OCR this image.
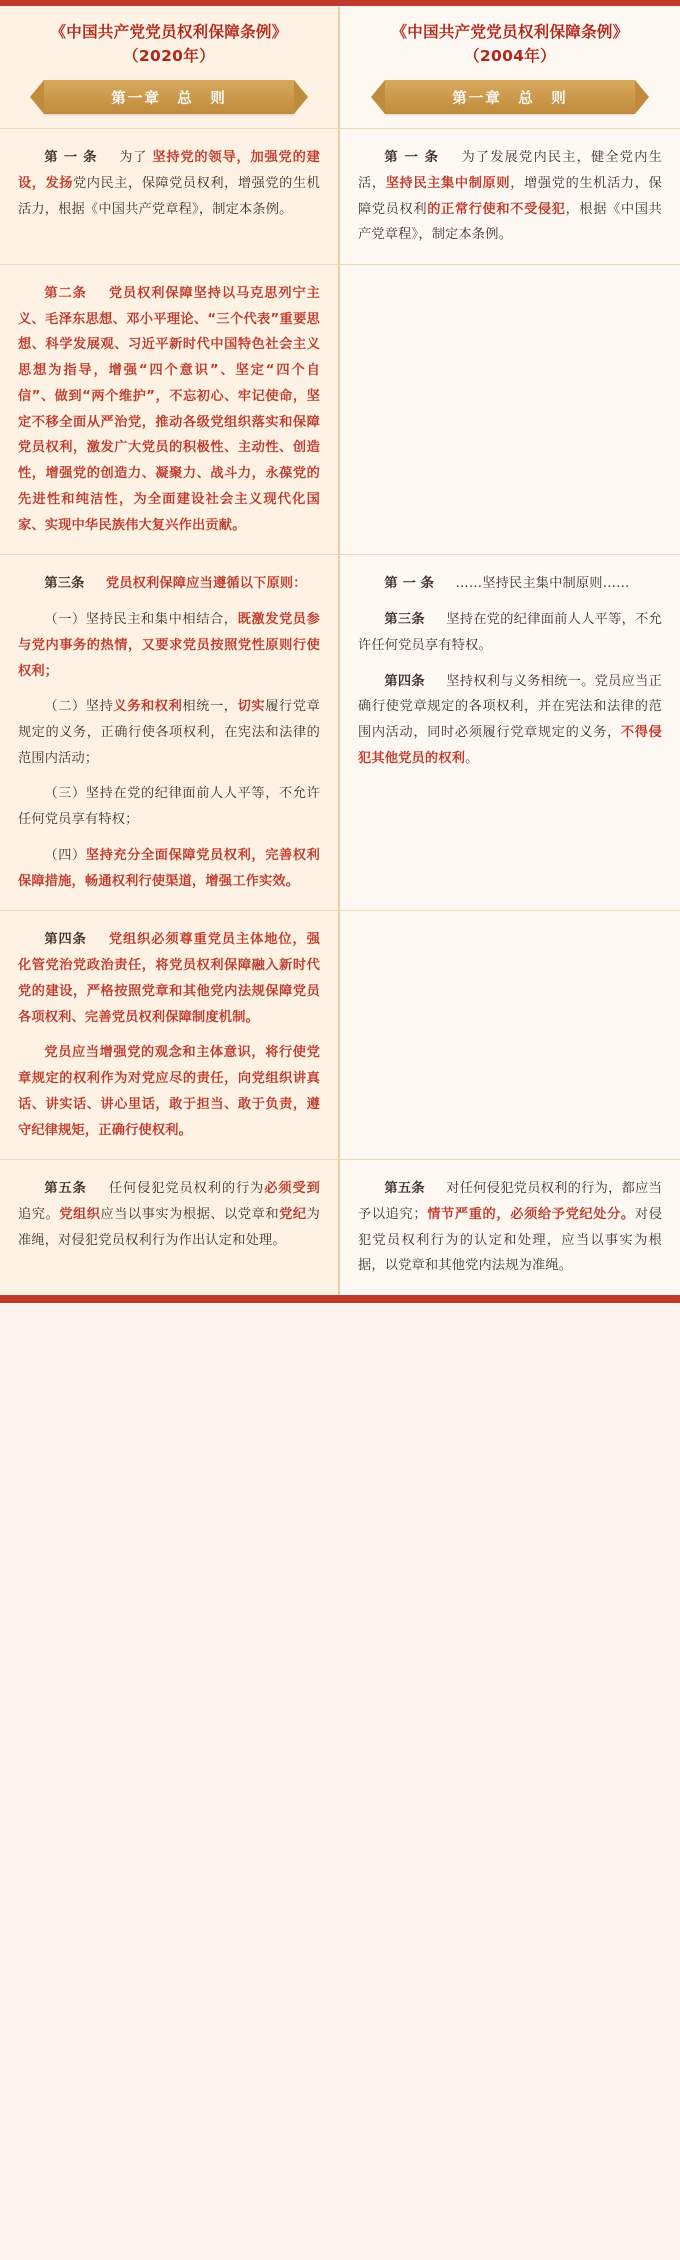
《中国共产党党员权利保障条例》
（2020年）
第一章　总　则
《中国共产党党员权利保障条例》
（2004年）
第一章　总　则

第 一 条　为了 坚持党的领导，加强党的建设，发扬党内民主，保障党员权利，增强党的生机活力，根据《中国共产党章程》，制定本条例。

第 一 条　为了发展党内民主，健全党内生活，坚持民主集中制原则，增强党的生机活力，保障党员权利的正常行使和不受侵犯，根据《中国共产党章程》，制定本条例。

第二条　党员权利保障坚持以马克思列宁主义、毛泽东思想、邓小平理论、“三个代表”重要思想、科学发展观、习近平新时代中国特色社会主义思想为指导，增强“四个意识”、坚定“四个自信”、做到“两个维护”，不忘初心、牢记使命，坚定不移全面从严治党，推动各级党组织落实和保障党员权利，激发广大党员的积极性、主动性、创造性，增强党的创造力、凝聚力、战斗力，永葆党的先进性和纯洁性，为全面建设社会主义现代化国家、实现中华民族伟大复兴作出贡献。

第三条　党员权利保障应当遵循以下原则：

（一）坚持民主和集中相结合，既激发党员参与党内事务的热情，又要求党员按照党性原则行使权利；

（二）坚持义务和权利相统一，切实履行党章规定的义务，正确行使各项权利，在宪法和法律的范围内活动；

（三）坚持在党的纪律面前人人平等，不允许任何党员享有特权；

（四）坚持充分全面保障党员权利，完善权利保障措施，畅通权利行使渠道，增强工作实效。

第 一 条　……坚持民主集中制原则……

第三条　坚持在党的纪律面前人人平等，不允许任何党员享有特权。

第四条　坚持权利与义务相统一。党员应当正确行使党章规定的各项权利，并在宪法和法律的范围内活动，同时必须履行党章规定的义务，不得侵犯其他党员的权利。

第四条　党组织必须尊重党员主体地位，强化管党治党政治责任，将党员权利保障融入新时代党的建设，严格按照党章和其他党内法规保障党员各项权利、完善党员权利保障制度机制。

党员应当增强党的观念和主体意识，将行使党章规定的权利作为对党应尽的责任，向党组织讲真话、讲实话、讲心里话，敢于担当、敢于负责，遵守纪律规矩，正确行使权利。

第五条　任何侵犯党员权利的行为必须受到追究。党组织应当以事实为根据、以党章和党纪为准绳，对侵犯党员权利行为作出认定和处理。

第五条　对任何侵犯党员权利的行为，都应当予以追究；情节严重的，必须给予党纪处分。对侵犯党员权利行为的认定和处理，应当以事实为根据，以党章和其他党内法规为准绳。
